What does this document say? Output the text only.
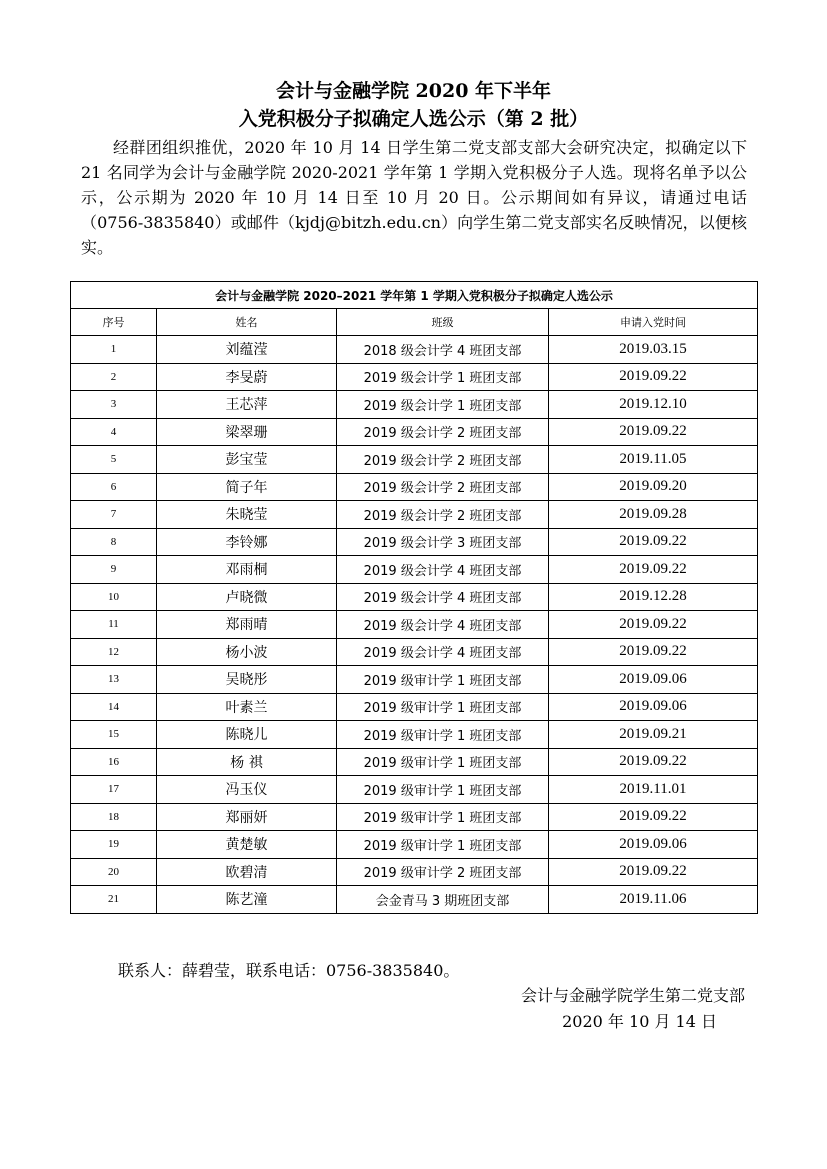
会计与金融学院 2020 年下半年
入党积极分子拟确定人选公示（第 2 批）

经群团组织推优，2020 年 10 月 14 日学生第二党支部支部大会研究决定，拟确定以下 21 名同学为会计与金融学院 2020-2021 学年第 1 学期入党积极分子人选。现将名单予以公示，公示期为 2020 年 10 月 14 日至 10 月 20 日。公示期间如有异议，请通过电话（0756-3835840）或邮件（kjdj@bitzh.edu.cn）向学生第二党支部实名反映情况，以便核实。

会计与金融学院 2020–2021 学年第 1 学期入党积极分子拟确定人选公示			
序号	姓名	班级	申请入党时间
1	刘蕴滢	2018 级会计学 4 班团支部	2019.03.15
2	李旻蔚	2019 级会计学 1 班团支部	2019.09.22
3	王芯萍	2019 级会计学 1 班团支部	2019.12.10
4	梁翠珊	2019 级会计学 2 班团支部	2019.09.22
5	彭宝莹	2019 级会计学 2 班团支部	2019.11.05
6	简子年	2019 级会计学 2 班团支部	2019.09.20
7	朱晓莹	2019 级会计学 2 班团支部	2019.09.28
8	李铃娜	2019 级会计学 3 班团支部	2019.09.22
9	邓雨桐	2019 级会计学 4 班团支部	2019.09.22
10	卢晓微	2019 级会计学 4 班团支部	2019.12.28
11	郑雨晴	2019 级会计学 4 班团支部	2019.09.22
12	杨小波	2019 级会计学 4 班团支部	2019.09.22
13	吴晓彤	2019 级审计学 1 班团支部	2019.09.06
14	叶素兰	2019 级审计学 1 班团支部	2019.09.06
15	陈晓儿	2019 级审计学 1 班团支部	2019.09.21
16	杨 祺	2019 级审计学 1 班团支部	2019.09.22
17	冯玉仪	2019 级审计学 1 班团支部	2019.11.01
18	郑丽妍	2019 级审计学 1 班团支部	2019.09.22
19	黄楚敏	2019 级审计学 1 班团支部	2019.09.06
20	欧碧清	2019 级审计学 2 班团支部	2019.09.22
21	陈艺潼	会金青马 3 期班团支部	2019.11.06
联系人：薛碧莹，联系电话：0756-3835840。
会计与金融学院学生第二党支部
2020 年 10 月 14 日
